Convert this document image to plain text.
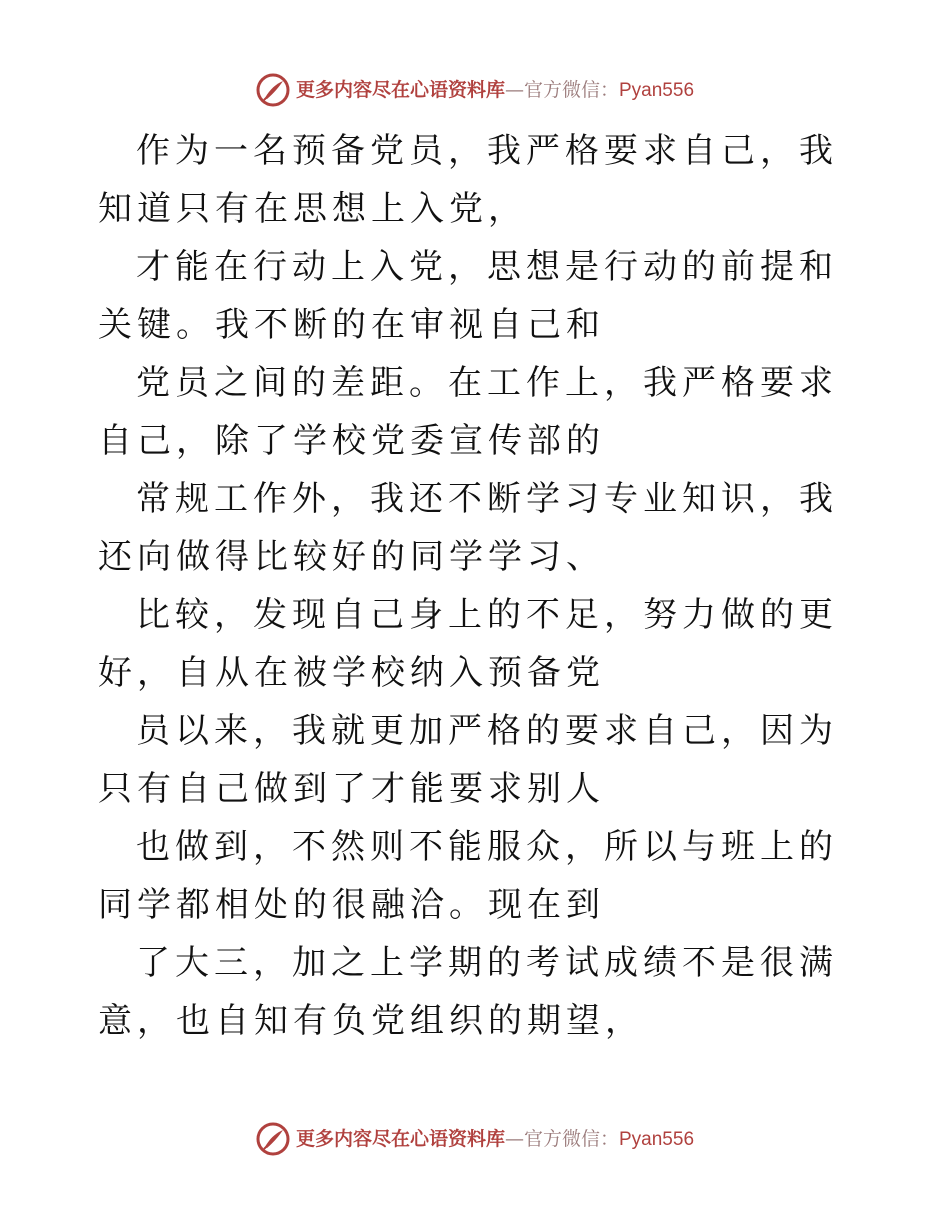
更多内容尽在心语资料库—官方微信：Pyan556

作为一名预备党员，我严格要求自己，我知道只有在思想上入党，

才能在行动上入党，思想是行动的前提和关键。我不断的在审视自己和

党员之间的差距。在工作上，我严格要求自己，除了学校党委宣传部的

常规工作外，我还不断学习专业知识，我还向做得比较好的同学学习、

比较，发现自己身上的不足，努力做的更好，自从在被学校纳入预备党

员以来，我就更加严格的要求自己，因为只有自己做到了才能要求别人

也做到，不然则不能服众，所以与班上的同学都相处的很融洽。现在到

了大三，加之上学期的考试成绩不是很满意，也自知有负党组织的期望，

更多内容尽在心语资料库—官方微信：Pyan556
